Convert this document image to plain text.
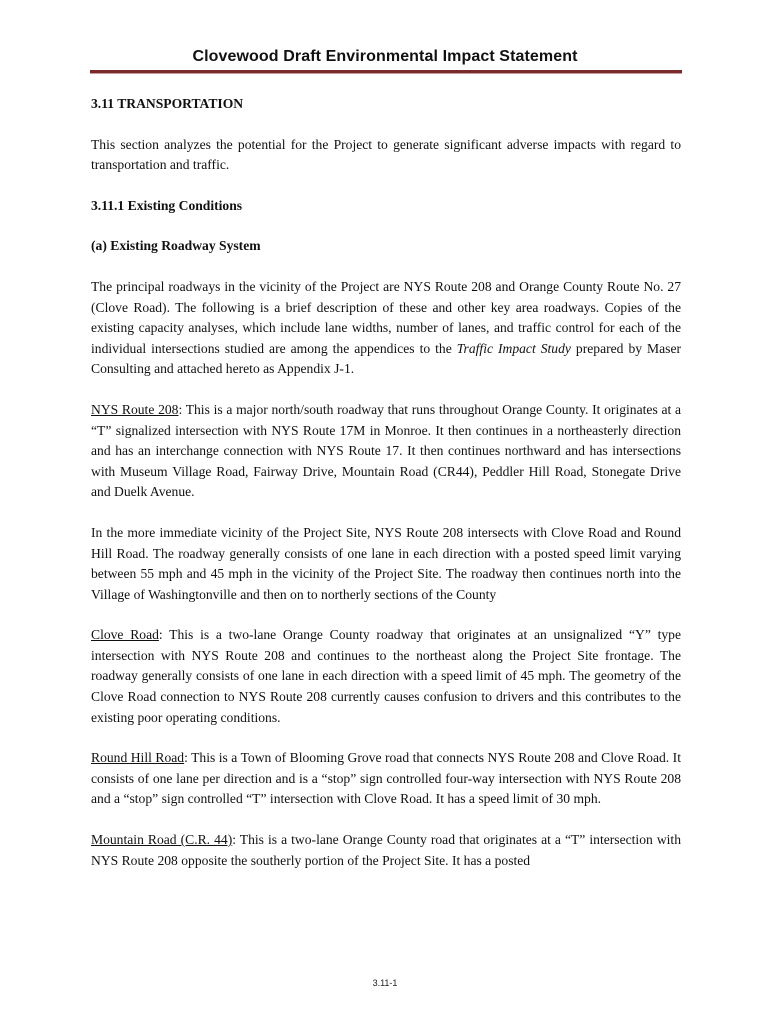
Clovewood Draft Environmental Impact Statement

3.11 TRANSPORTATION

This section analyzes the potential for the Project to generate significant adverse impacts with regard to transportation and traffic.

3.11.1 Existing Conditions

(a) Existing Roadway System

The principal roadways in the vicinity of the Project are NYS Route 208 and Orange County Route No. 27 (Clove Road). The following is a brief description of these and other key area roadways. Copies of the existing capacity analyses, which include lane widths, number of lanes, and traffic control for each of the individual intersections studied are among the appendices to the Traffic Impact Study prepared by Maser Consulting and attached hereto as Appendix J-1.

NYS Route 208: This is a major north/south roadway that runs throughout Orange County. It originates at a “T” signalized intersection with NYS Route 17M in Monroe. It then continues in a northeasterly direction and has an interchange connection with NYS Route 17. It then continues northward and has intersections with Museum Village Road, Fairway Drive, Mountain Road (CR44), Peddler Hill Road, Stonegate Drive and Duelk Avenue.

In the more immediate vicinity of the Project Site, NYS Route 208 intersects with Clove Road and Round Hill Road. The roadway generally consists of one lane in each direction with a posted speed limit varying between 55 mph and 45 mph in the vicinity of the Project Site. The roadway then continues north into the Village of Washingtonville and then on to northerly sections of the County

Clove Road: This is a two-lane Orange County roadway that originates at an unsignalized “Y” type intersection with NYS Route 208 and continues to the northeast along the Project Site frontage. The roadway generally consists of one lane in each direction with a speed limit of 45 mph. The geometry of the Clove Road connection to NYS Route 208 currently causes confusion to drivers and this contributes to the existing poor operating conditions.

Round Hill Road: This is a Town of Blooming Grove road that connects NYS Route 208 and Clove Road. It consists of one lane per direction and is a “stop” sign controlled four-way intersection with NYS Route 208 and a “stop” sign controlled “T” intersection with Clove Road. It has a speed limit of 30 mph.

Mountain Road (C.R. 44): This is a two-lane Orange County road that originates at a “T” intersection with NYS Route 208 opposite the southerly portion of the Project Site. It has a posted

3.11-1
